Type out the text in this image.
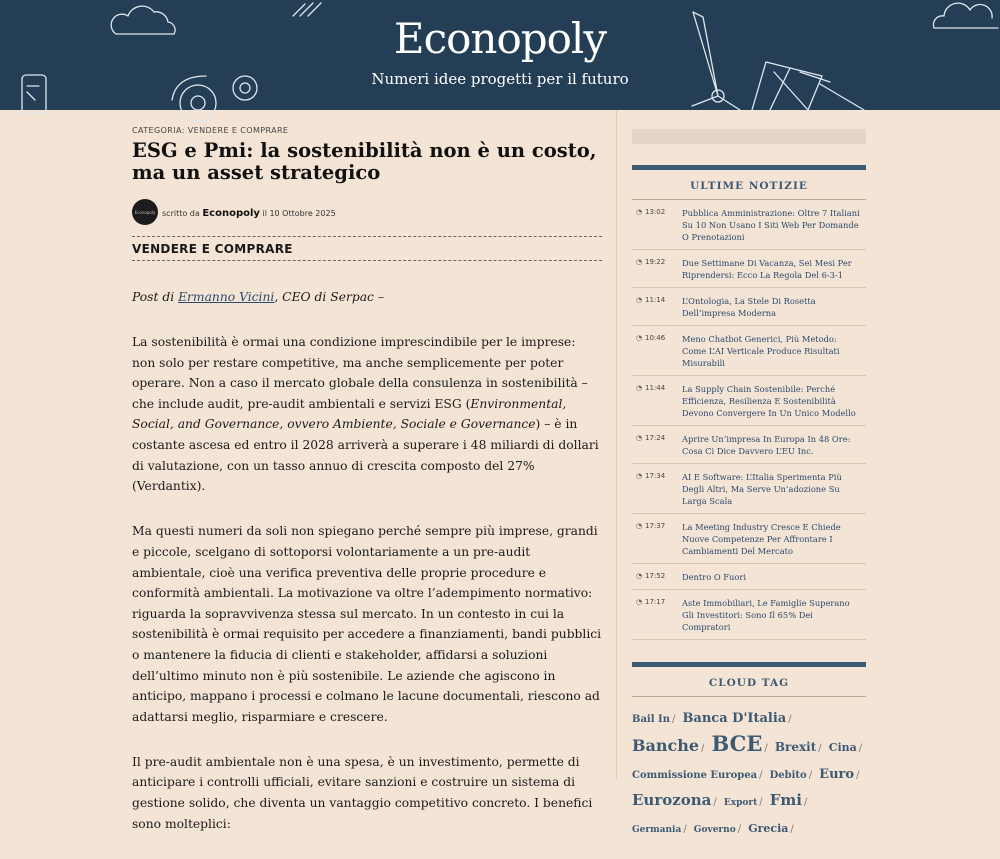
Econopoly
Numeri idee progetti per il futuro
CATEGORIA: VENDERE E COMPRARE
ESG e Pmi: la sostenibilità non è un costo, ma un asset strategico
Econopoly scritto da Econopoly il 10 Ottobre 2025
VENDERE E COMPRARE

Post di Ermanno Vicini, CEO di Serpac –

La sostenibilità è ormai una condizione imprescindibile per le imprese: non solo per restare competitive, ma anche semplicemente per poter operare. Non a caso il mercato globale della consulenza in sostenibilità – che include audit, pre-audit ambientali e servizi ESG (Environmental, Social, and Governance, ovvero Ambiente, Sociale e Governance) – è in costante ascesa ed entro il 2028 arriverà a superare i 48 miliardi di dollari di valutazione, con un tasso annuo di crescita composto del 27% (Verdantix).

Ma questi numeri da soli non spiegano perché sempre più imprese, grandi e piccole, scelgano di sottoporsi volontariamente a un pre-audit ambientale, cioè una verifica preventiva delle proprie procedure e conformità ambientali. La motivazione va oltre l’adempimento normativo: riguarda la sopravvivenza stessa sul mercato. In un contesto in cui la sostenibilità è ormai requisito per accedere a finanziamenti, bandi pubblici o mantenere la fiducia di clienti e stakeholder, affidarsi a soluzioni dell’ultimo minuto non è più sostenibile. Le aziende che agiscono in anticipo, mappano i processi e colmano le lacune documentali, riescono ad adattarsi meglio, risparmiare e crescere.

Il pre-audit ambientale non è una spesa, è un investimento, permette di anticipare i controlli ufficiali, evitare sanzioni e costruire un sistema di gestione solido, che diventa un vantaggio competitivo concreto. I benefici sono molteplici:

ULTIME NOTIZIE
◔ 13:02 Pubblica Amministrazione: Oltre 7 Italiani Su 10 Non Usano I Siti Web Per Domande O Prenotazioni
◔ 19:22 Due Settimane Di Vacanza, Sei Mesi Per Riprendersi: Ecco La Regola Del 6-3-1
◔ 11:14 L’Ontologia, La Stele Di Rosetta Dell’impresa Moderna
◔ 10:46 Meno Chatbot Generici, Più Metodo: Come L’AI Verticale Produce Risultati Misurabili
◔ 11:44 La Supply Chain Sostenibile: Perché Efficienza, Resilienza E Sostenibilità Devono Convergere In Un Unico Modello
◔ 17:24 Aprire Un’impresa In Europa In 48 Ore: Cosa Ci Dice Davvero L’EU Inc.
◔ 17:34 AI E Software: L’Italia Sperimenta Più Degli Altri, Ma Serve Un’adozione Su Larga Scala
◔ 17:37 La Meeting Industry Cresce E Chiede Nuove Competenze Per Affrontare I Cambiamenti Del Mercato
◔ 17:52 Dentro O Fuori
◔ 17:17 Aste Immobiliari, Le Famiglie Superano Gli Investitori: Sono Il 65% Dei Compratori
CLOUD TAG
Bail In / Banca D'Italia / Banche / BCE / Brexit / Cina / Commissione Europea / Debito / Euro / Eurozona / Export / Fmi / Germania / Governo / Grecia /
